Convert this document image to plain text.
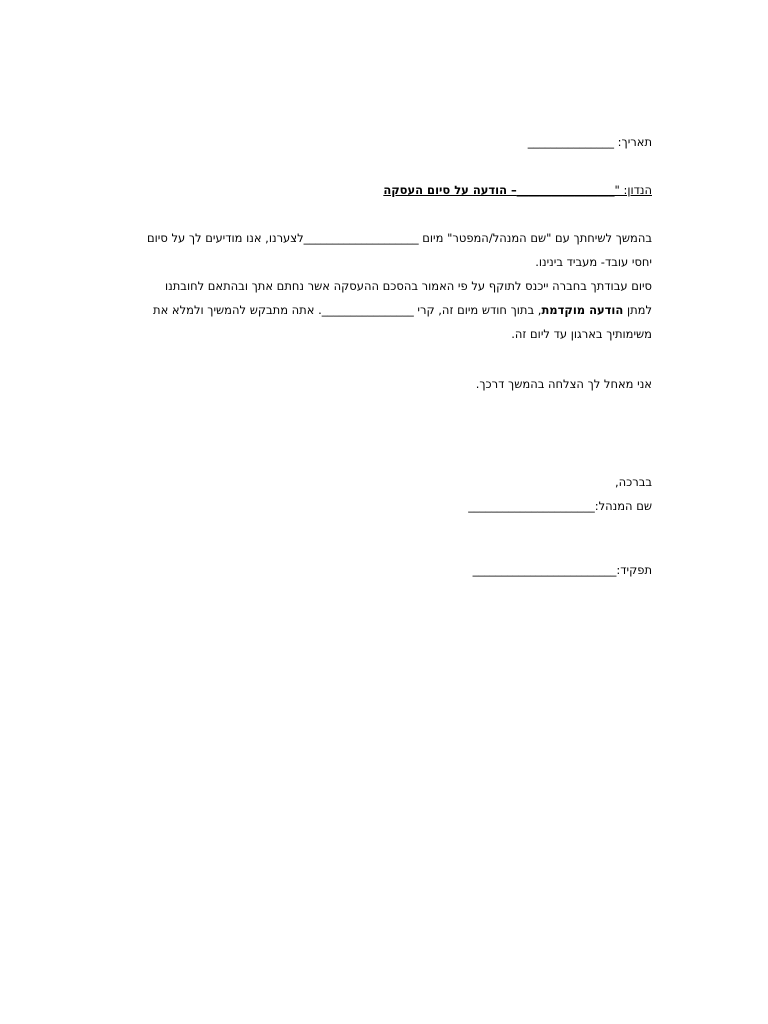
תאריך: _______________
הנדון: "_________________– הודעה על סיום העסקה
בהמשך לשיחתך עם "שם המנהל/המפטר" מיום ____________________לצערנו, אנו מודיעים לך על סיום
יחסי עובד- מעביד בינינו.
סיום עבודתך בחברה ייכנס לתוקף על פי האמור בהסכם ההעסקה אשר נחתם אתך ובהתאם לחובתנו
למתן הודעה מוקדמת, בתוך חודש מיום זה, קרי ________________. אתה מתבקש להמשיך ולמלא את
משימותיך בארגון עד ליום זה.
אני מאחל לך הצלחה בהמשך דרכך.
בברכה,
שם המנהל:______________________
תפקיד:_________________________
